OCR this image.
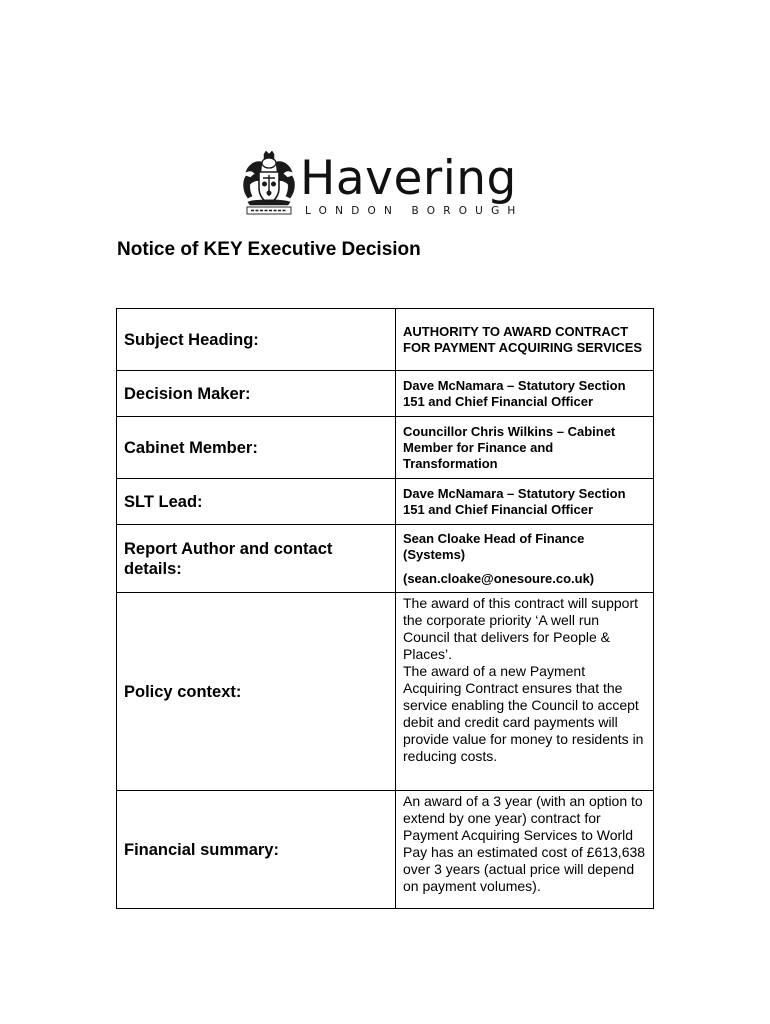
Havering
LONDON BOROUGH
Notice of KEY Executive Decision
Subject Heading:	AUTHORITY TO AWARD CONTRACT FOR PAYMENT ACQUIRING SERVICES
Decision Maker:	Dave McNamara – Statutory Section 151 and Chief Financial Officer
Cabinet Member:	Councillor Chris Wilkins – Cabinet Member for Finance and Transformation
SLT Lead:	Dave McNamara – Statutory Section 151 and Chief Financial Officer
Report Author and contact details:	Sean Cloake Head of Finance (Systems)

(sean.cloake@onesoure.co.uk)

Policy context:	The award of this contract will support the corporate priority ‘A well run Council that delivers for People & Places’.

The award of a new Payment Acquiring Contract ensures that the service enabling the Council to accept debit and credit card payments will provide value for money to residents in reducing costs.

Financial summary:	An award of a 3 year (with an option to extend by one year) contract for Payment Acquiring Services to World Pay has an estimated cost of £613,638 over 3 years (actual price will depend on payment volumes).
